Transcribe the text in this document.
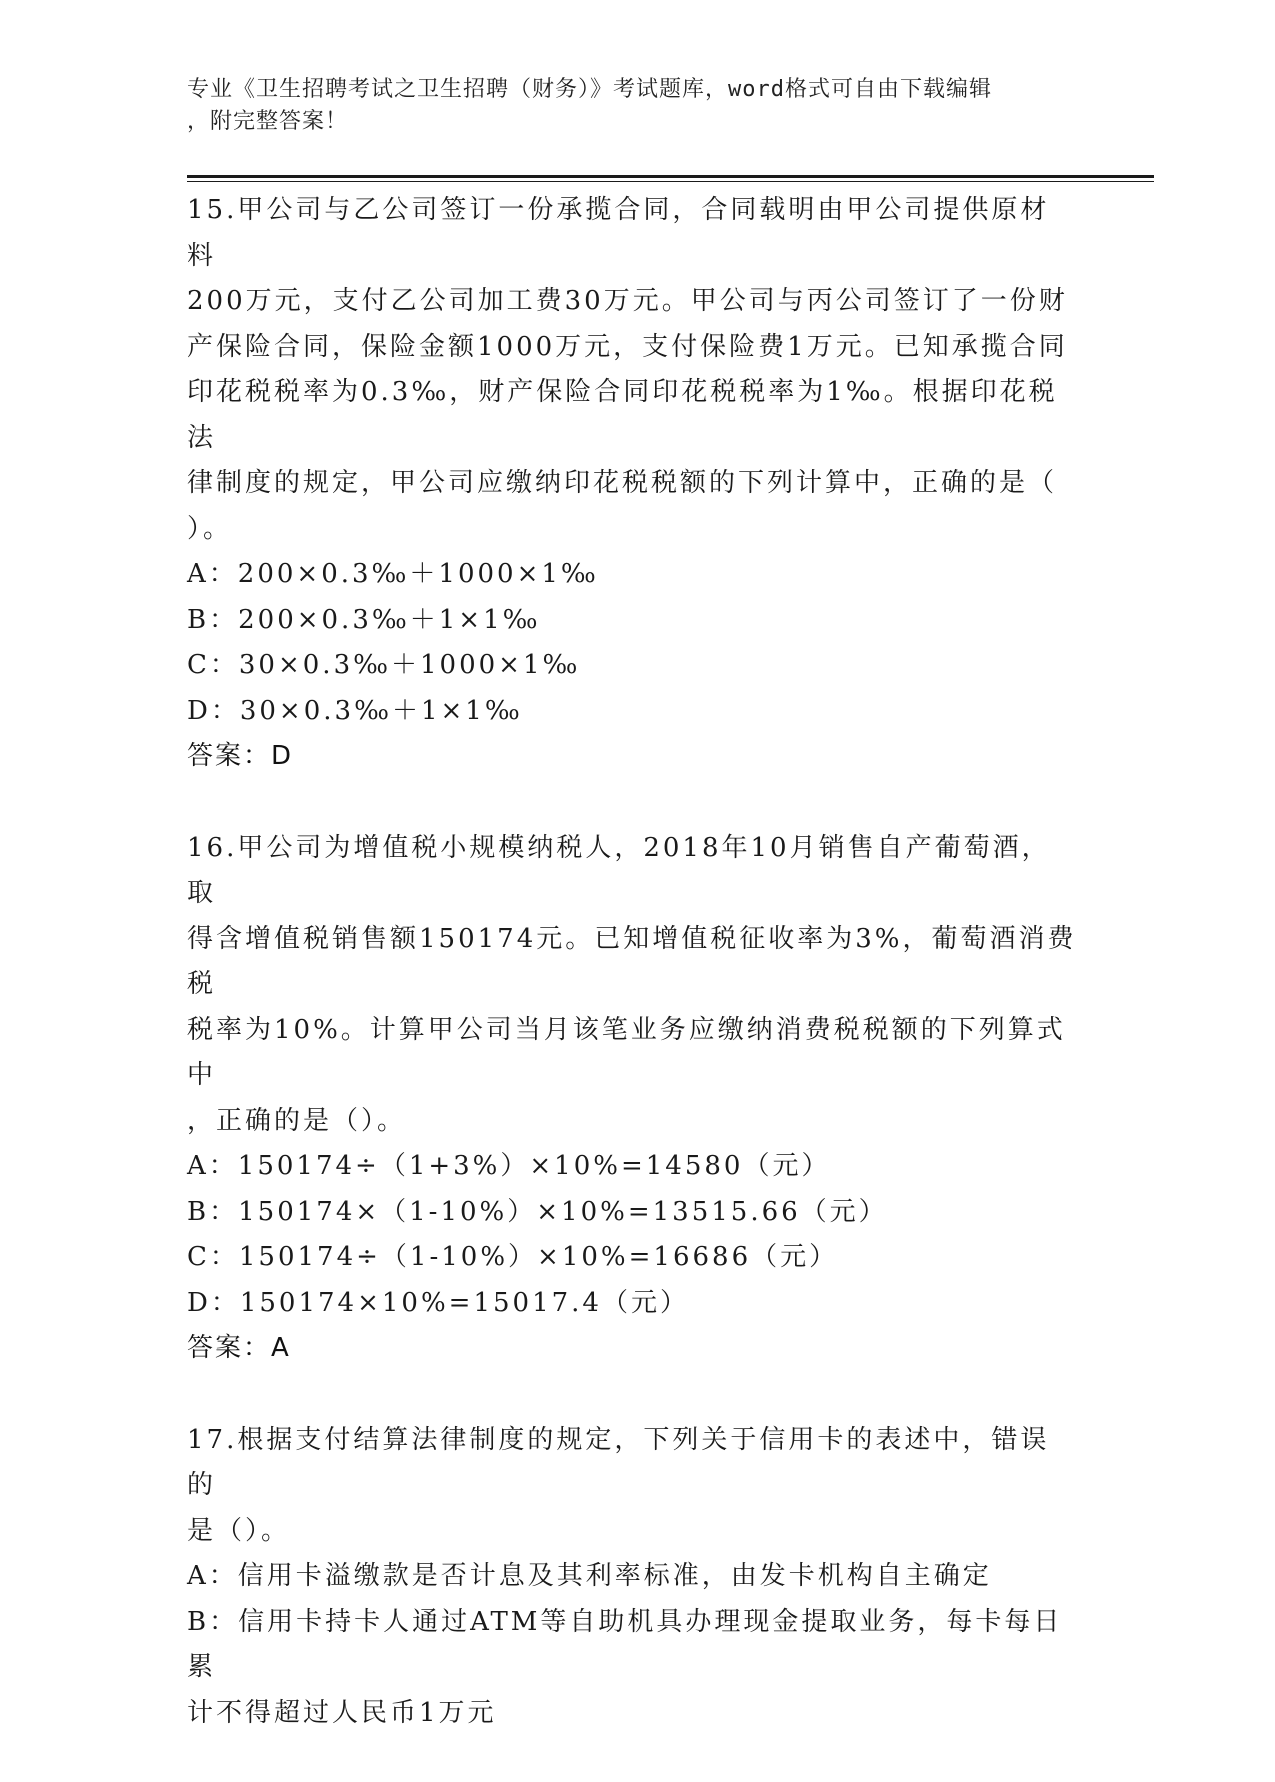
专业《卫生招聘考试之卫生招聘（财务）》考试题库，word格式可自由下载编辑
，附完整答案！
15.甲公司与乙公司签订一份承揽合同，合同载明由甲公司提供原材料
200万元，支付乙公司加工费30万元。甲公司与丙公司签订了一份财
产保险合同，保险金额1000万元，支付保险费1万元。已知承揽合同
印花税税率为0.3‰，财产保险合同印花税税率为1‰。根据印花税法
律制度的规定，甲公司应缴纳印花税税额的下列计算中，正确的是（
）。
A：200×0.3‰＋1000×1‰
B：200×0.3‰＋1×1‰
C：30×0.3‰＋1000×1‰
D：30×0.3‰＋1×1‰
答案：D
16.甲公司为增值税小规模纳税人，2018年10月销售自产葡萄酒，取
得含增值税销售额150174元。已知增值税征收率为3%，葡萄酒消费税
税率为10%。计算甲公司当月该笔业务应缴纳消费税税额的下列算式中
，正确的是（）。
A：150174÷（1+3%）×10%=14580（元）
B：150174×（1-10%）×10%=13515.66（元）
C：150174÷（1-10%）×10%=16686（元）
D：150174×10%=15017.4（元）
答案：A
17.根据支付结算法律制度的规定，下列关于信用卡的表述中，错误的
是（）。
A：信用卡溢缴款是否计息及其利率标准，由发卡机构自主确定
B：信用卡持卡人通过ATM等自助机具办理现金提取业务，每卡每日累
计不得超过人民币1万元
